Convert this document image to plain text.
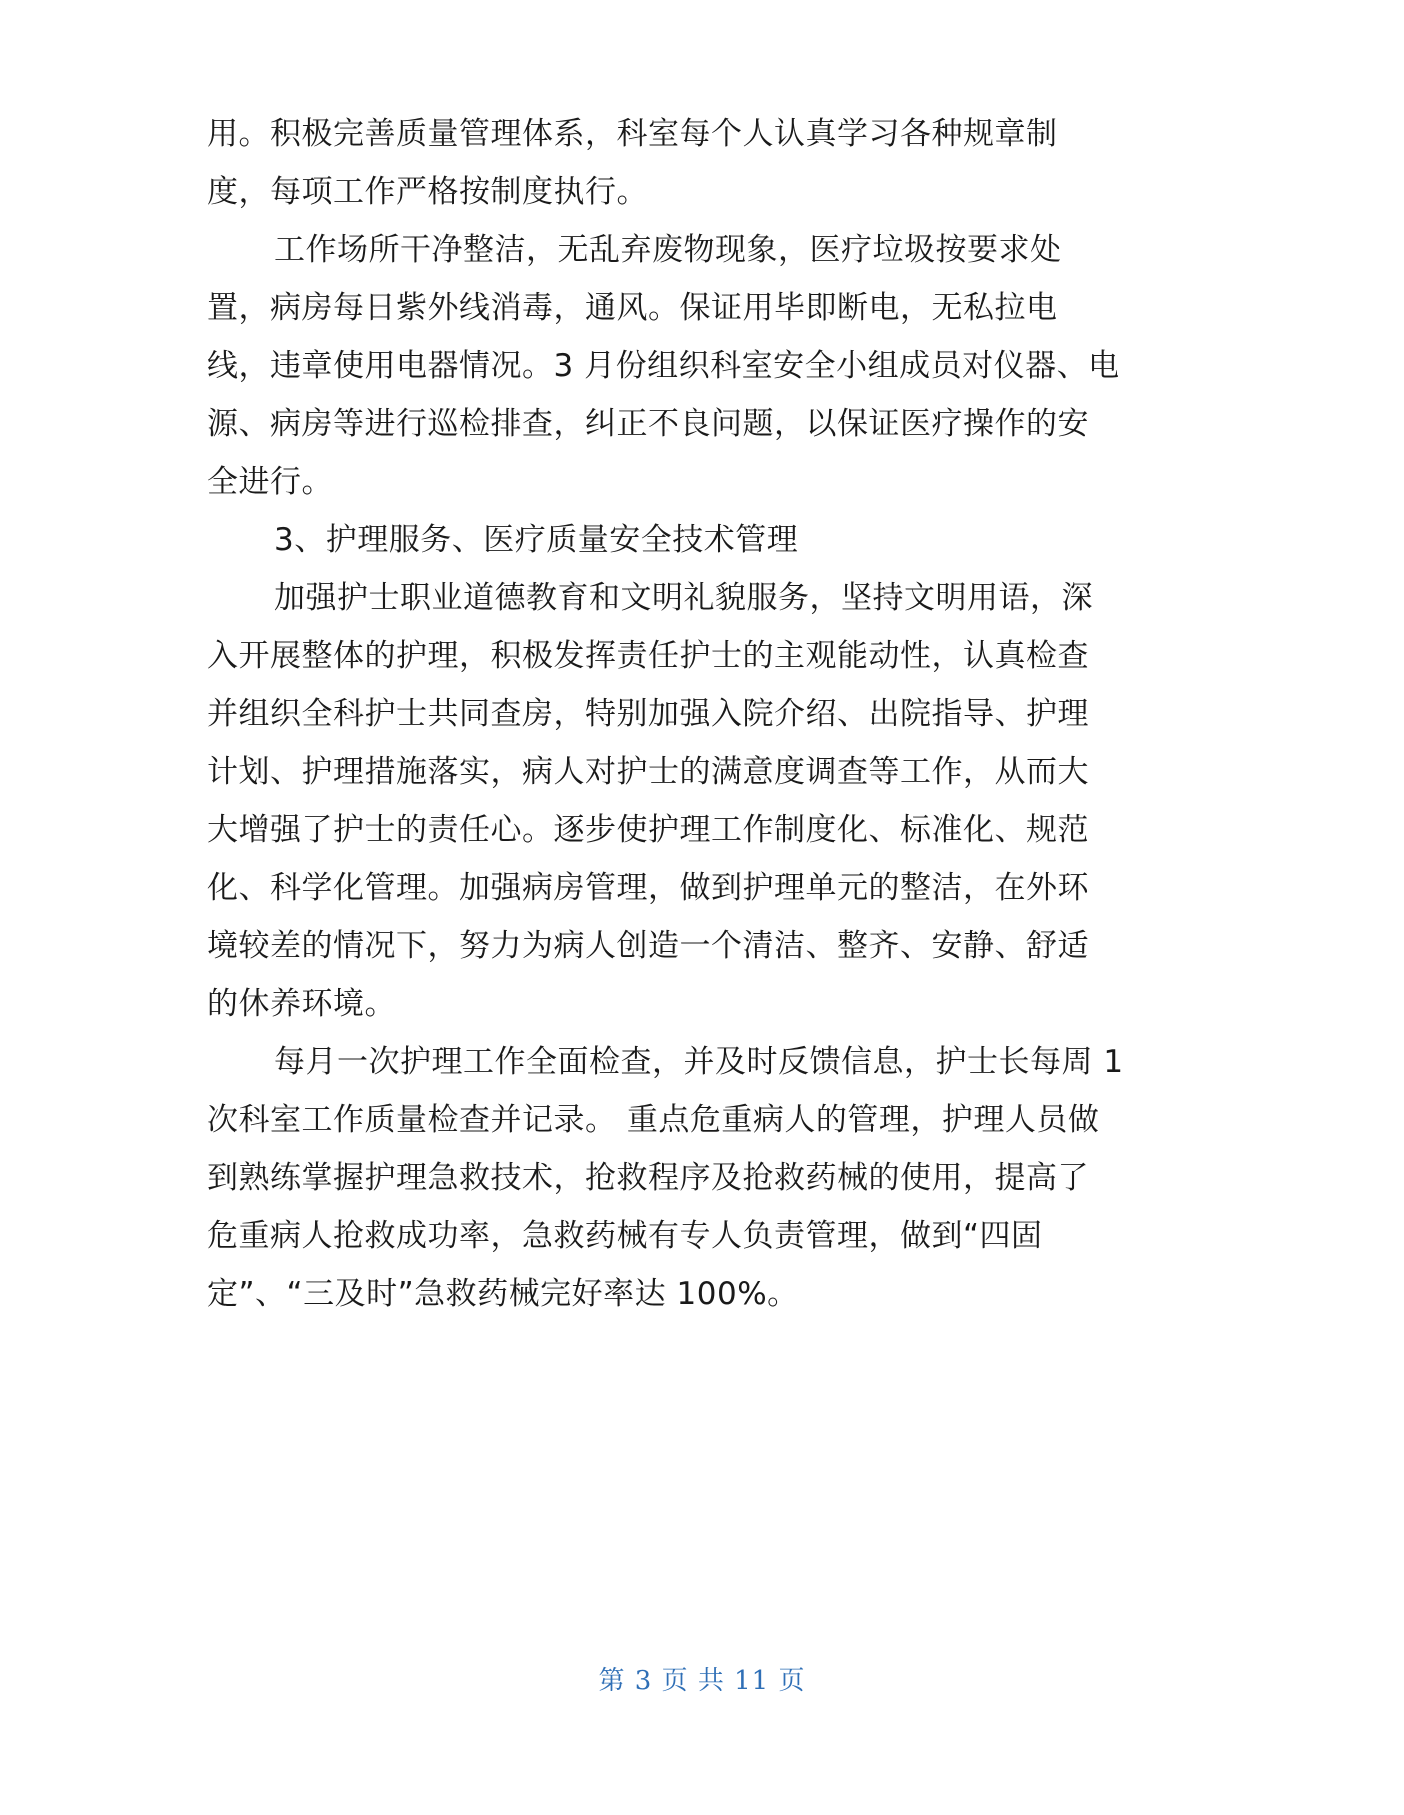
用。积极完善质量管理体系，科室每个人认真学习各种规章制
度，每项工作严格按制度执行。
工作场所干净整洁，无乱弃废物现象，医疗垃圾按要求处
置，病房每日紫外线消毒，通风。保证用毕即断电，无私拉电
线，违章使用电器情况。3 月份组织科室安全小组成员对仪器、电
源、病房等进行巡检排查，纠正不良问题，以保证医疗操作的安
全进行。
3、护理服务、医疗质量安全技术管理
加强护士职业道德教育和文明礼貌服务，坚持文明用语，深
入开展整体的护理，积极发挥责任护士的主观能动性，认真检查
并组织全科护士共同查房，特别加强入院介绍、出院指导、护理
计划、护理措施落实，病人对护士的满意度调查等工作，从而大
大增强了护士的责任心。逐步使护理工作制度化、标准化、规范
化、科学化管理。加强病房管理，做到护理单元的整洁，在外环
境较差的情况下，努力为病人创造一个清洁、整齐、安静、舒适
的休养环境。
每月一次护理工作全面检查，并及时反馈信息，护士长每周 1
次科室工作质量检查并记录。 重点危重病人的管理，护理人员做
到熟练掌握护理急救技术，抢救程序及抢救药械的使用，提高了
危重病人抢救成功率，急救药械有专人负责管理，做到“四固
定”、“三及时”急救药械完好率达 100%。
第 3 页 共 11 页
